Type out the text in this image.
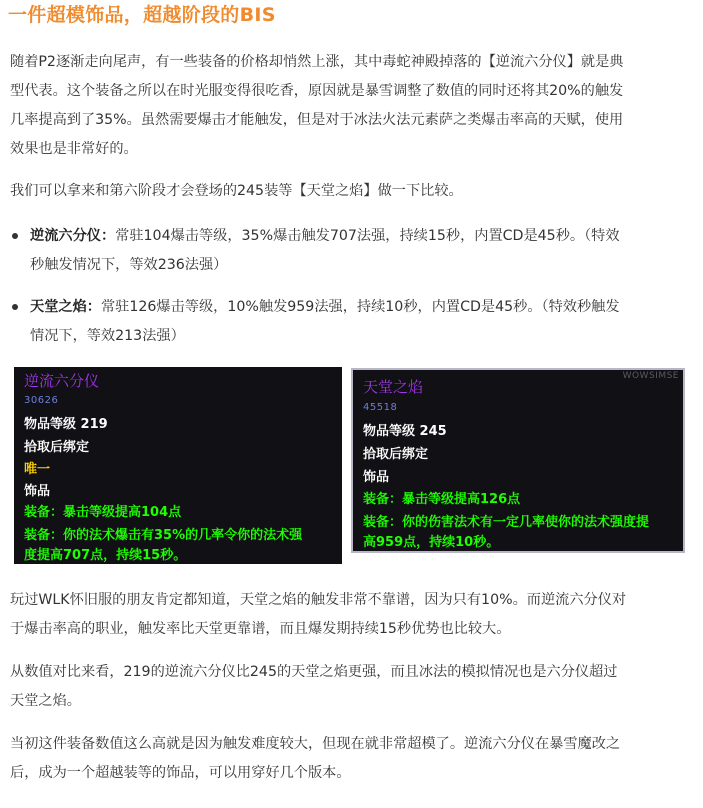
一件超模饰品，超越阶段的BIS
随着P2逐渐走向尾声，有一些装备的价格却悄然上涨，其中毒蛇神殿掉落的【逆流六分仪】就是典
型代表。这个装备之所以在时光服变得很吃香，原因就是暴雪调整了数值的同时还将其20%的触发
几率提高到了35%。虽然需要爆击才能触发，但是对于冰法火法元素萨之类爆击率高的天赋，使用
效果也是非常好的。
我们可以拿来和第六阶段才会登场的245装等【天堂之焰】做一下比较。
逆流六分仪：常驻104爆击等级，35%爆击触发707法强，持续15秒，内置CD是45秒。（特效
秒触发情况下，等效236法强）
天堂之焰：常驻126爆击等级，10%触发959法强，持续10秒，内置CD是45秒。（特效秒触发
情况下，等效213法强）
逆流六分仪
30626
物品等级 219
拾取后绑定
唯一
饰品
装备：暴击等级提高104点
装备：你的法术爆击有35%的几率令你的法术强
度提高707点，持续15秒。
WOWSIMSE
天堂之焰
45518
物品等级 245
拾取后绑定
饰品
装备：暴击等级提高126点
装备：你的伤害法术有一定几率使你的法术强度提
高959点，持续10秒。
玩过WLK怀旧服的朋友肯定都知道，天堂之焰的触发非常不靠谱，因为只有10%。而逆流六分仪对
于爆击率高的职业，触发率比天堂更靠谱，而且爆发期持续15秒优势也比较大。
从数值对比来看，219的逆流六分仪比245的天堂之焰更强，而且冰法的模拟情况也是六分仪超过
天堂之焰。
当初这件装备数值这么高就是因为触发难度较大，但现在就非常超模了。逆流六分仪在暴雪魔改之
后，成为一个超越装等的饰品，可以用穿好几个版本。
